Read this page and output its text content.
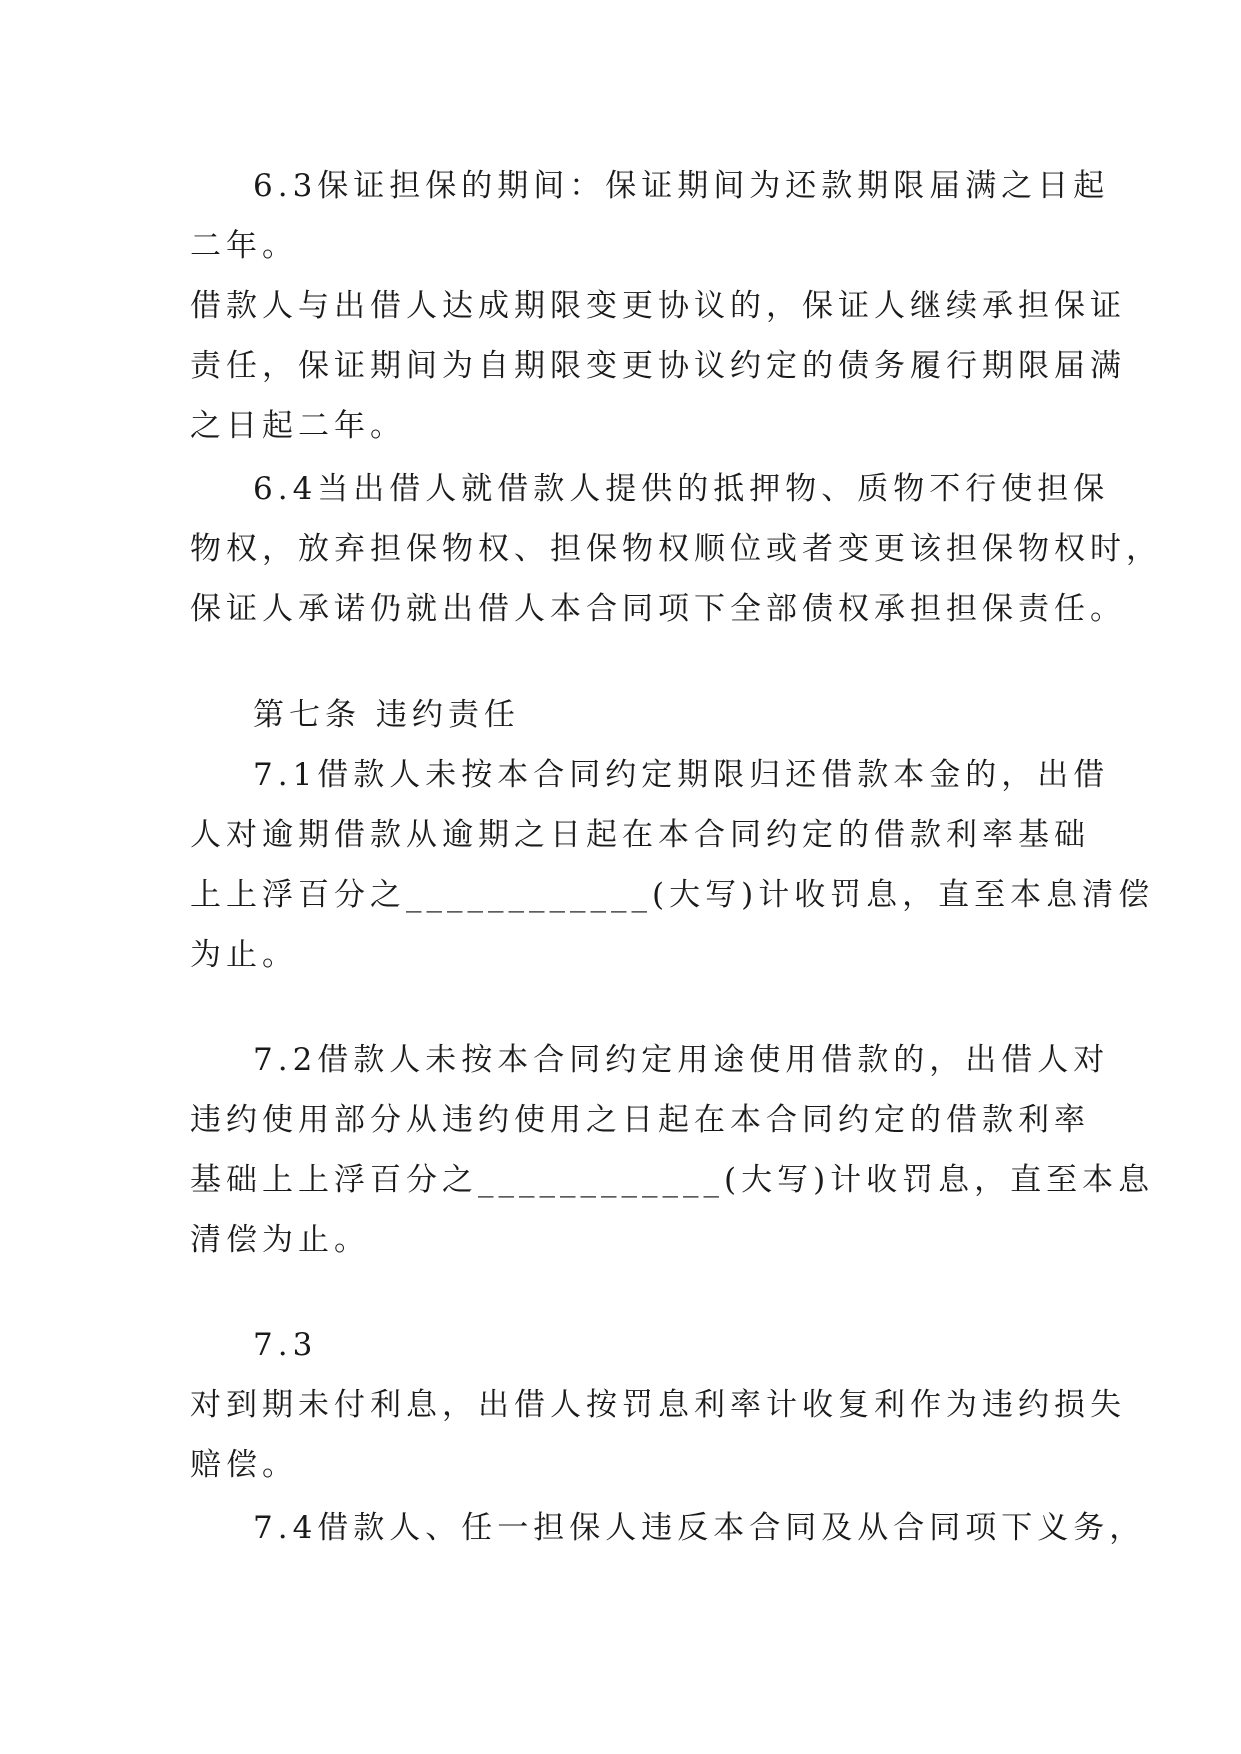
6.3保证担保的期间：保证期间为还款期限届满之日起

二年。

借款人与出借人达成期限变更协议的，保证人继续承担保证

责任，保证期间为自期限变更协议约定的债务履行期限届满

之日起二年。

6.4当出借人就借款人提供的抵押物、质物不行使担保

物权，放弃担保物权、担保物权顺位或者变更该担保物权时，

保证人承诺仍就出借人本合同项下全部债权承担担保责任。

第七条 违约责任

7.1借款人未按本合同约定期限归还借款本金的，出借

人对逾期借款从逾期之日起在本合同约定的借款利率基础

上上浮百分之____________(大写)计收罚息，直至本息清偿

为止。

7.2借款人未按本合同约定用途使用借款的，出借人对

违约使用部分从违约使用之日起在本合同约定的借款利率

基础上上浮百分之____________(大写)计收罚息，直至本息

清偿为止。

7.3

对到期未付利息，出借人按罚息利率计收复利作为违约损失

赔偿。

7.4借款人、任一担保人违反本合同及从合同项下义务，
